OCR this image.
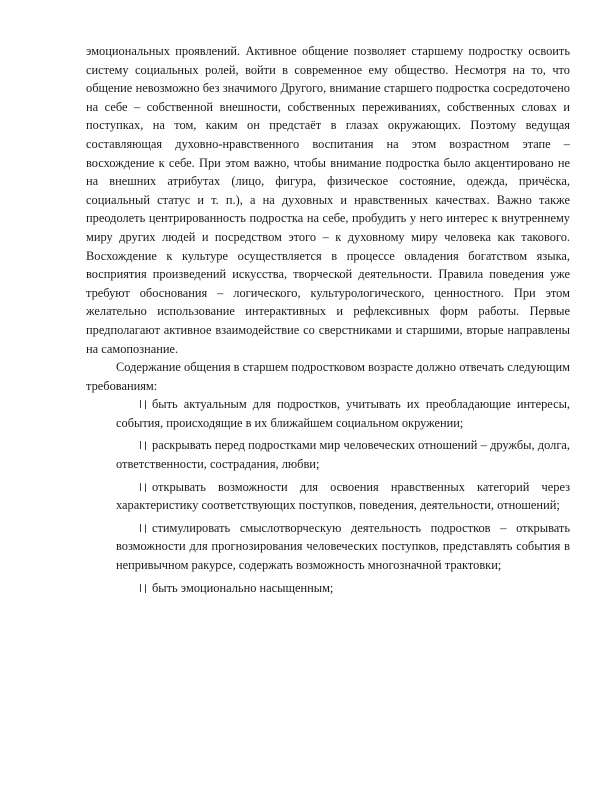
эмоциональных проявлений. Активное общение позволяет старшему подростку освоить систему социальных ролей, войти в современное ему общество. Несмотря на то, что общение невозможно без значимого Другого, внимание старшего подростка сосредоточено на себе – собственной внешности, собственных переживаниях, собственных словах и поступках, на том, каким он предстаёт в глазах окружающих. Поэтому ведущая составляющая духовно-нравственного воспитания на этом возрастном этапе – восхождение к себе. При этом важно, чтобы внимание подростка было акцентировано не на внешних атрибутах (лицо, фигура, физическое состояние, одежда, причёска, социальный статус и т. п.), а на духовных и нравственных качествах. Важно также преодолеть центрированность подростка на себе, пробудить у него интерес к внутреннему миру других людей и посредством этого – к духовному миру человека как такового. Восхождение к культуре осуществляется в процессе овладения богатством языка, восприятия произведений искусства, творческой деятельности. Правила поведения уже требуют обоснования – логического, культурологического, ценностного. При этом желательно использование интерактивных и рефлексивных форм работы. Первые предполагают активное взаимодействие со сверстниками и старшими, вторые направлены на самопознание.

Содержание общения в старшем подростковом возрасте должно отвечать следующим требованиям:

быть актуальным для подростков, учитывать их преобладающие интересы, события, происходящие в их ближайшем социальном окружении;
раскрывать перед подростками мир человеческих отношений – дружбы, долга, ответственности, сострадания, любви;
открывать возможности для освоения нравственных категорий через характеристику соответствующих поступков, поведения, деятельности, отношений;
стимулировать смыслотворческую деятельность подростков – открывать возможности для прогнозирования человеческих поступков, представлять события в непривычном ракурсе, содержать возможность многозначной трактовки;
быть эмоционально насыщенным;
